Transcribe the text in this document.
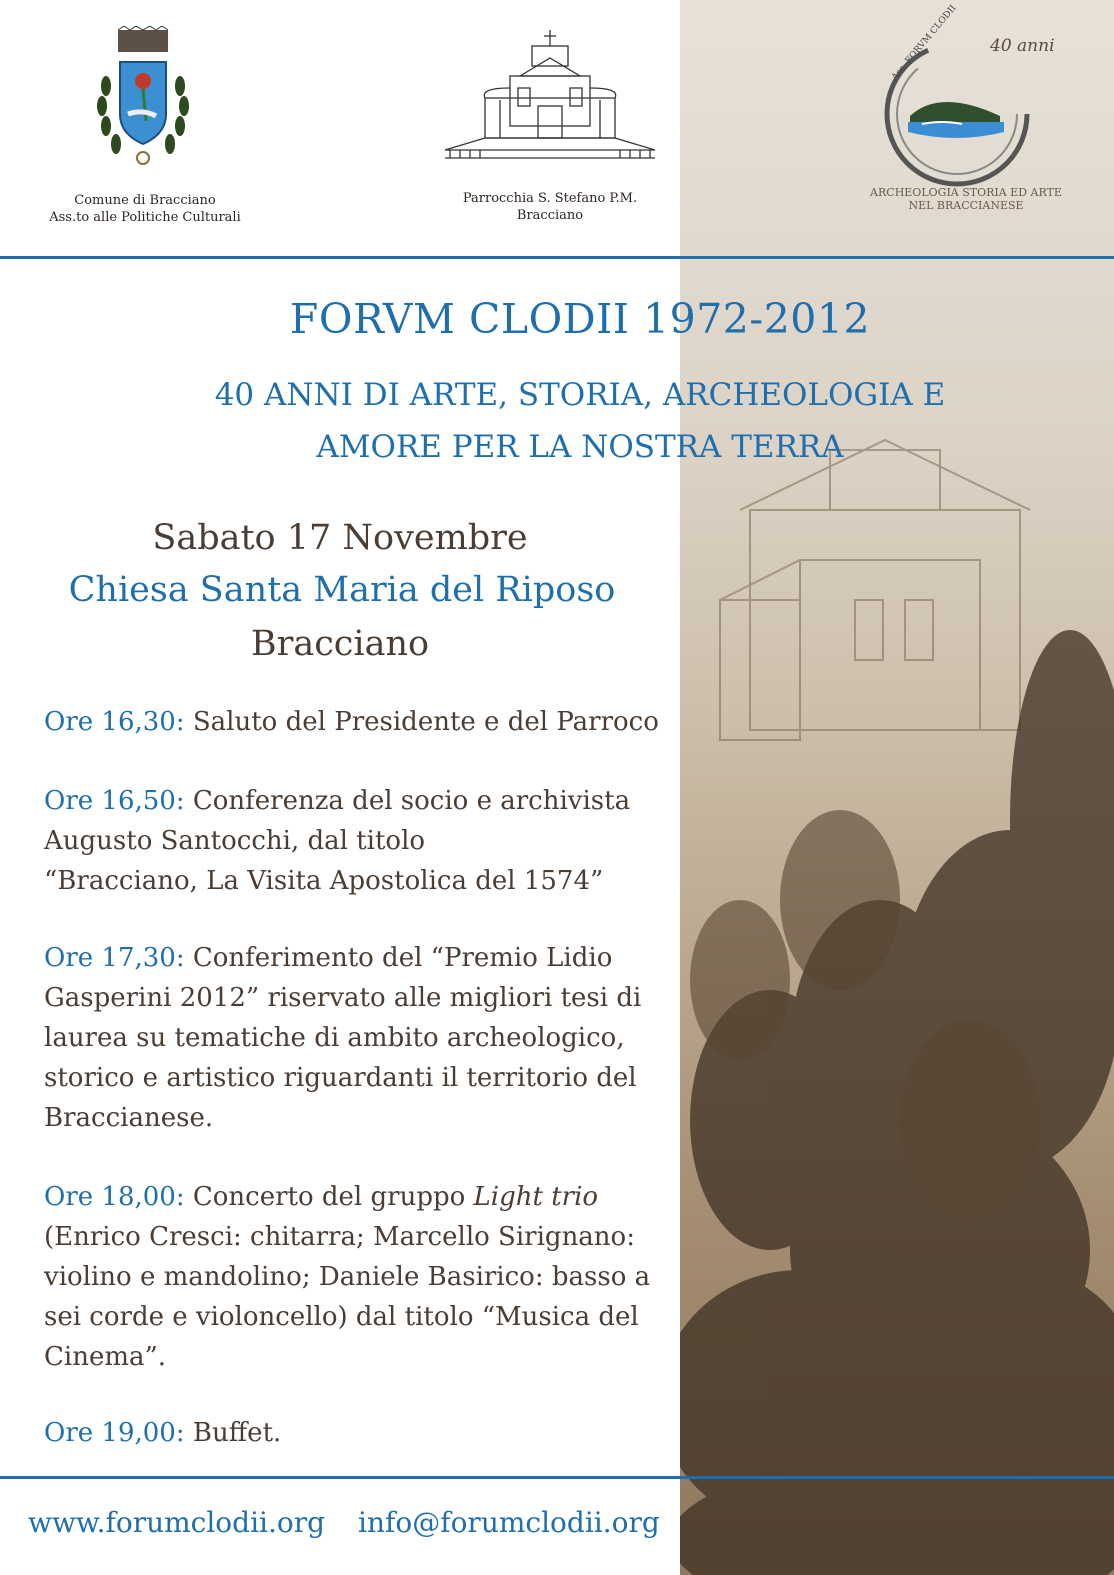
Comune di Bracciano
Ass.to alle Politiche Culturali
Parrocchia S. Stefano P.M.
Bracciano
40 anni
Ass. FORVM CLODII
ARCHEOLOGIA STORIA ED ARTE
NEL BRACCIANESE
FORVM CLODII 1972-2012
40 ANNI DI ARTE, STORIA, ARCHEOLOGIA E
AMORE PER LA NOSTRA TERRA
Sabato 17 Novembre
Chiesa Santa Maria del Riposo
Bracciano
Ore 16,30: Saluto del Presidente e del Parroco
Ore 16,50: Conferenza del socio e archivista
Augusto Santocchi, dal titolo
“Bracciano, La Visita Apostolica del 1574”
Ore 17,30: Conferimento del “Premio Lidio
Gasperini 2012” riservato alle migliori tesi di
laurea su tematiche di ambito archeologico,
storico e artistico riguardanti il territorio del
Braccianese.
Ore 18,00: Concerto del gruppo Light trio
(Enrico Cresci: chitarra; Marcello Sirignano:
violino e mandolino; Daniele Basirico: basso a
sei corde e violoncello) dal titolo “Musica del
Cinema”.
Ore 19,00: Buffet.
www.forumclodii.org info@forumclodii.org
